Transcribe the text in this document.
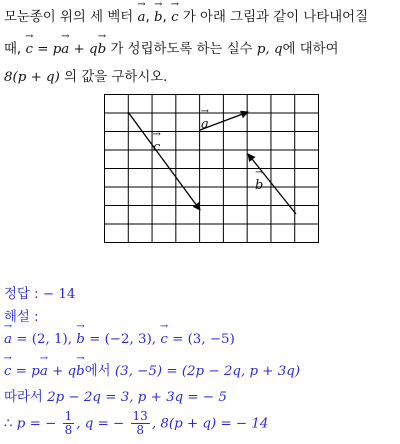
모눈종이 위의 세 벡터 → a, → b, → c 가 아래 그림과 같이 나타내어질
때, → c = p→ a + q→ b 가 성립하도록 하는 실수 p, q에 대하여
8(p + q) 의 값을 구하시오.
→ a
→ b
→ c
정답 : − 14
해설 :
→ a = (2, 1), → b = (−2, 3), → c = (3, −5)
→ c = p→ a + q→ b에서 (3, −5) = (2p − 2q, p + 3q)
따라서 2p − 2q = 3, p + 3q = − 5
∴ p = − $\frac{1}{8}$ , q = − $\frac{13}{8}$ , 8(p + q) = − 14
